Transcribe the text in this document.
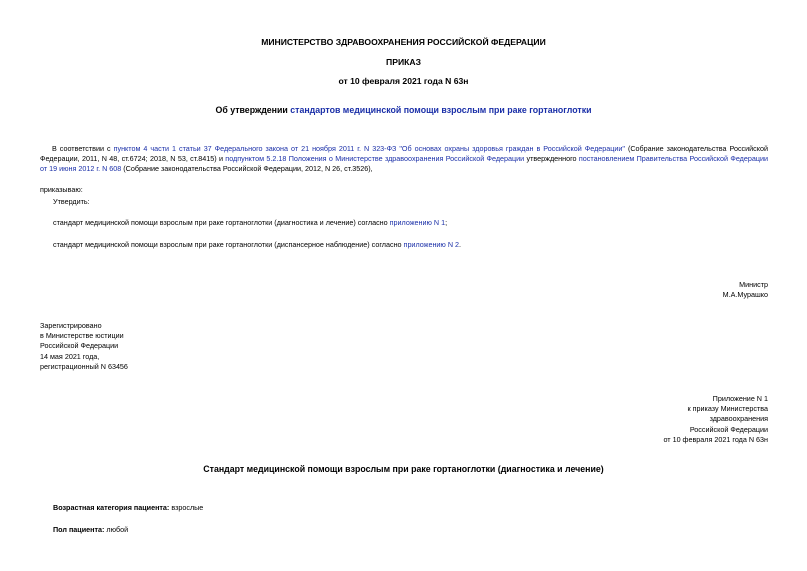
МИНИСТЕРСТВО ЗДРАВООХРАНЕНИЯ РОССИЙСКОЙ ФЕДЕРАЦИИ
ПРИКАЗ
от 10 февраля 2021 года N 63н
Об утверждении стандартов медицинской помощи взрослым при раке гортаноглотки
В соответствии с пунктом 4 части 1 статьи 37 Федерального закона от 21 ноября 2011 г. N 323-ФЗ "Об основах охраны здоровья граждан в Российской Федерации" (Собрание законодательства Российской Федерации, 2011, N 48, ст.6724; 2018, N 53, ст.8415) и подпунктом 5.2.18 Положения о Министерстве здравоохранения Российской Федерации утвержденного постановлением Правительства Российской Федерации от 19 июня 2012 г. N 608 (Собрание законодательства Российской Федерации, 2012, N 26, ст.3526),
приказываю:
Утвердить:
стандарт медицинской помощи взрослым при раке гортаноглотки (диагностика и лечение) согласно приложению N 1;
стандарт медицинской помощи взрослым при раке гортаноглотки (диспансерное наблюдение) согласно приложению N 2.
Министр
М.А.Мурашко
Зарегистрировано
в Министерстве юстиции
Российской Федерации
14 мая 2021 года,
регистрационный N 63456
Приложение N 1
к приказу Министерства
здравоохранения
Российской Федерации
от 10 февраля 2021 года N 63н
Стандарт медицинской помощи взрослым при раке гортаноглотки (диагностика и лечение)
Возрастная категория пациента: взрослые
Пол пациента: любой
